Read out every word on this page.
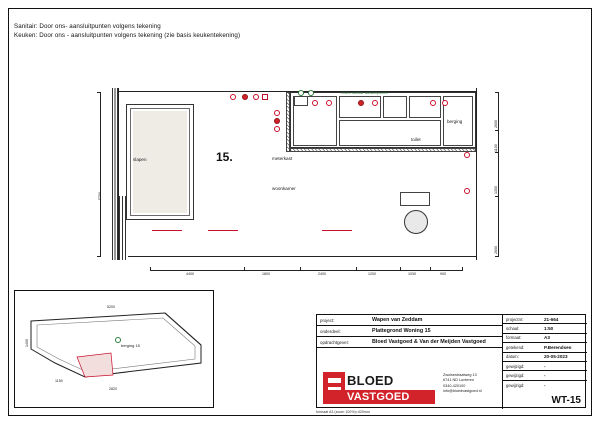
Sanitair: Door ons- aansluitpunten volgens tekening
Keuken: Door ons - aansluitpunten volgens tekening (zie basis keukentekening)
slapen
Groen sanitair aansluitpunten
berging
toilet
meterkast
15.
woonkamer
4400	1800	2400	1200	1030	900
2600
1100
1350
2600
5700
berging 15
5200
2820
1400
1150
project:	Wapen van Zeddam
onderdeel:	Plattegrond Woning 15
opdrachtgever:	Bloed Vastgoed & Van der Meijden Vastgoed
BLOED
VASTGOED
Zwolsestraatweg 13
6741 ND Lunteren
0340-420100
info@bloedvastgoed.nl
projectnr:	21-664
schaal:	1:50
formaat:	A3
getekend:	P.Berendsen
datum:	20-05-2023
gewijzigd:	-
gewijzigd:	-
gewijzigd:	-
WT-15
formaat A3 (zoom 100%)=420mm
